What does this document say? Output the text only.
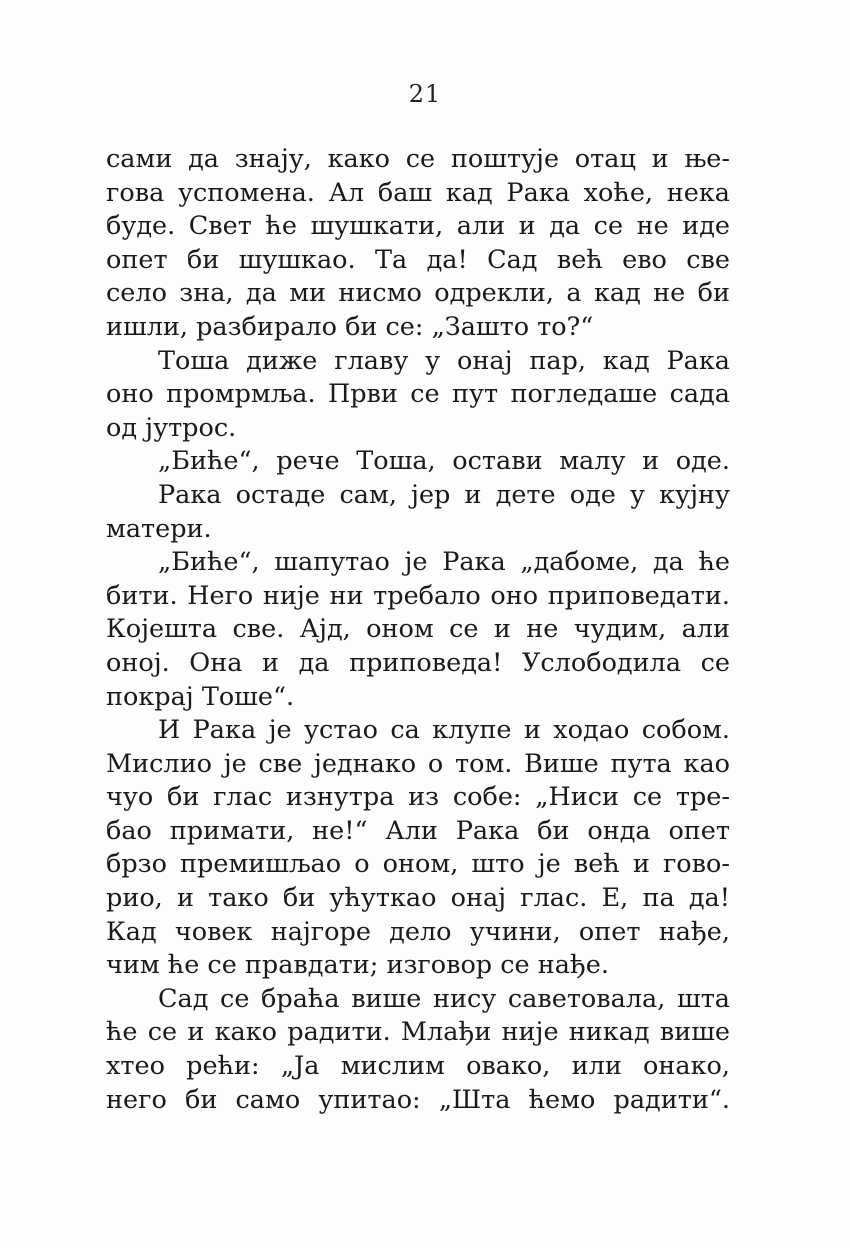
21
сами да знају, како се поштује отац и ње-
гова успомена. Ал баш кад Рака хоће, нека
буде. Свет ће шушкати, али и да се не иде
опет би шушкао. Та да! Сад већ ево све
село зна, да ми нисмо одрекли, а кад не би
ишли, разбирало би се: „Зашто то?“
Тоша диже главу у онај пар, кад Рака
оно промрмља. Први се пут погледаше сада
од јутрос.
„Биће“, рече Тоша, остави малу и оде.
Рака остаде сам, јер и дете оде у кујну
матери.
„Биће“, шапутао је Рака „дабоме, да ће
бити. Него није ни требало оно приповедати.
Којешта све. Ајд, оном се и не чудим, али
оној. Она и да приповеда! Услободила се
покрај Тоше“.
И Рака је устао са клупе и ходао собом.
Мислио је све једнако о том. Више пута као
чуо би глас изнутра из собе: „Ниси се тре-
бао примати, не!“ Али Рака би онда опет
брзо премишљао о оном, што је већ и гово-
рио, и тако би ућуткао онај глас. Е, па да!
Кад човек најгоре дело учини, опет нађе,
чим ће се правдати; изговор се нађе.
Сад се браћа више нису саветовала, шта
ће се и како радити. Млађи није никад више
хтео рећи: „Ја мислим овако, или онако,
него би само упитао: „Шта ћемо радити“.
